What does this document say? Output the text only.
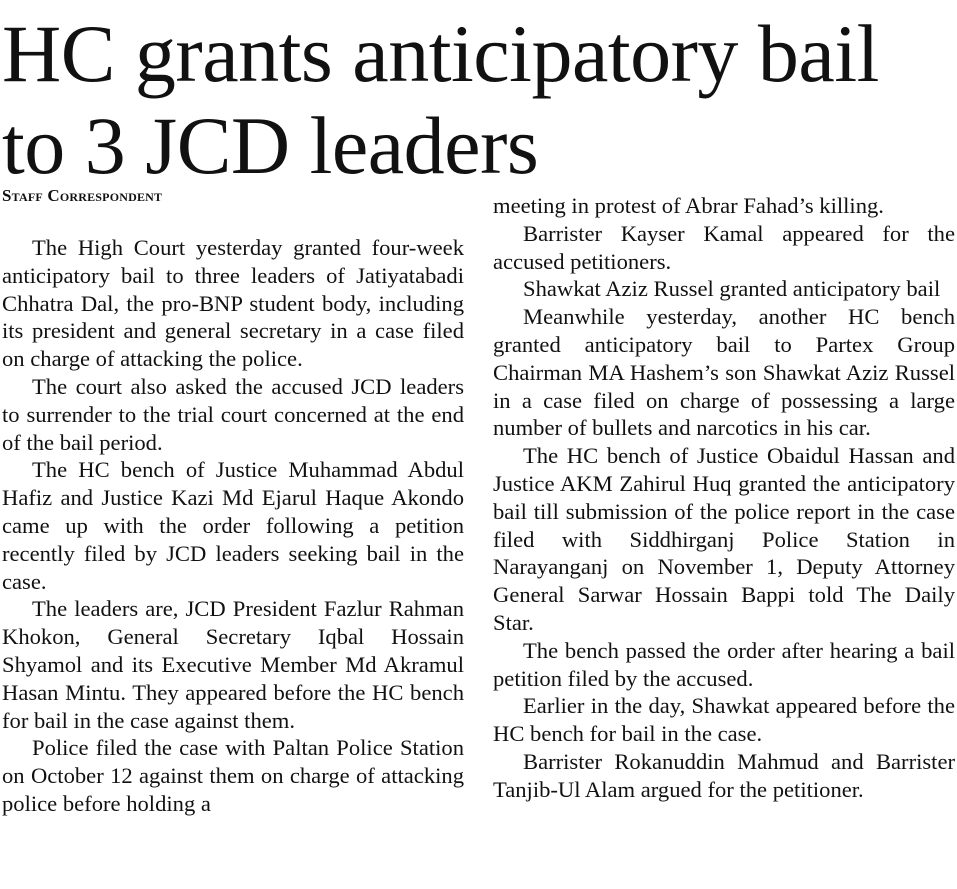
HC grants anticipatory bail to 3 JCD leaders
Staff Correspondent

The High Court yesterday granted four-week anticipatory bail to three leaders of Jatiyatabadi Chhatra Dal, the pro-BNP student body, including its president and general secretary in a case filed on charge of attacking the police.

The court also asked the accused JCD leaders to surrender to the trial court concerned at the end of the bail period.

The HC bench of Justice Muhammad Abdul Hafiz and Justice Kazi Md Ejarul Haque Akondo came up with the order following a petition recently filed by JCD leaders seeking bail in the case.

The leaders are, JCD President Fazlur Rahman Khokon, General Secretary Iqbal Hossain Shyamol and its Executive Member Md Akramul Hasan Mintu. They appeared before the HC bench for bail in the case against them.

Police filed the case with Paltan Police Station on October 12 against them on charge of attacking police before holding a

meeting in protest of Abrar Fahad’s killing.

Barrister Kayser Kamal appeared for the accused petitioners.

Shawkat Aziz Russel granted anticipatory bail

Meanwhile yesterday, another HC bench granted anticipatory bail to Partex Group Chairman MA Hashem’s son Shawkat Aziz Russel in a case filed on charge of possessing a large number of bullets and narcotics in his car.

The HC bench of Justice Obaidul Hassan and Justice AKM Zahirul Huq granted the anticipatory bail till submission of the police report in the case filed with Siddhirganj Police Station in Narayanganj on November 1, Deputy Attorney General Sarwar Hossain Bappi told The Daily Star.

The bench passed the order after hearing a bail petition filed by the accused.

Earlier in the day, Shawkat appeared before the HC bench for bail in the case.

Barrister Rokanuddin Mahmud and Barrister Tanjib-Ul Alam argued for the petitioner.
